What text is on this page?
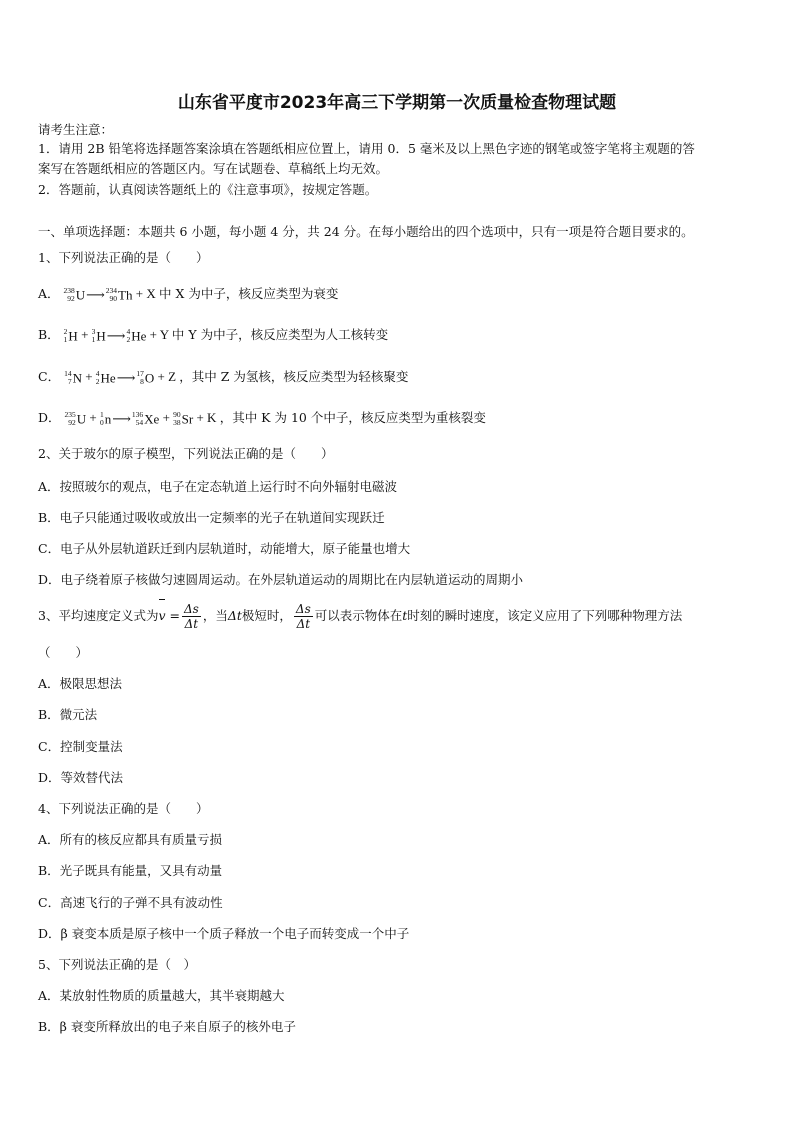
山东省平度市2023年高三下学期第一次质量检查物理试题
请考生注意：
1．请用 2B 铅笔将选择题答案涂填在答题纸相应位置上，请用 0．5 毫米及以上黑色字迹的钢笔或签字笔将主观题的答
案写在答题纸相应的答题区内。写在试题卷、草稿纸上均无效。
2．答题前，认真阅读答题纸上的《注意事项》，按规定答题。
一、单项选择题：本题共 6 小题，每小题 4 分，共 24 分。在每小题给出的四个选项中，只有一项是符合题目要求的。
1、下列说法正确的是（　　）
A． 238
92 U⟶ 234
90 Th + X 中 X 为中子，核反应类型为衰变
B． 2
1 H + 3
1 H⟶ 4
2 He + Y 中 Y 为中子，核反应类型为人工核转变
C． 14
7 N + 4
2 He⟶ 17
8 O + Z ，其中 Z 为氢核，核反应类型为轻核聚变
D． 235
92 U + 1
0 n⟶ 136
54 Xe + 90
38 Sr + K ，其中 K 为 10 个中子，核反应类型为重核裂变
2、关于玻尔的原子模型，下列说法正确的是（　　）
A．按照玻尔的观点，电子在定态轨道上运行时不向外辐射电磁波
B．电子只能通过吸收或放出一定频率的光子在轨道间实现跃迁
C．电子从外层轨道跃迁到内层轨道时，动能增大，原子能量也增大
D．电子绕着原子核做匀速圆周运动。在外层轨道运动的周期比在内层轨道运动的周期小
3、平均速度定义式为$v = \frac{\Delta s}{\Delta t}$ ，当Δt极短时， $\frac{\Delta s}{\Delta t}$ 可以表示物体在t时刻的瞬时速度，该定义应用了下列哪种物理方法
（　　）
A．极限思想法
B．微元法
C．控制变量法
D．等效替代法
4、下列说法正确的是（　　）
A．所有的核反应都具有质量亏损
B．光子既具有能量，又具有动量
C．高速飞行的子弹不具有波动性
D．β 衰变本质是原子核中一个质子释放一个电子而转变成一个中子
5、下列说法正确的是（　）
A．某放射性物质的质量越大，其半衰期越大
B．β 衰变所释放出的电子来自原子的核外电子
